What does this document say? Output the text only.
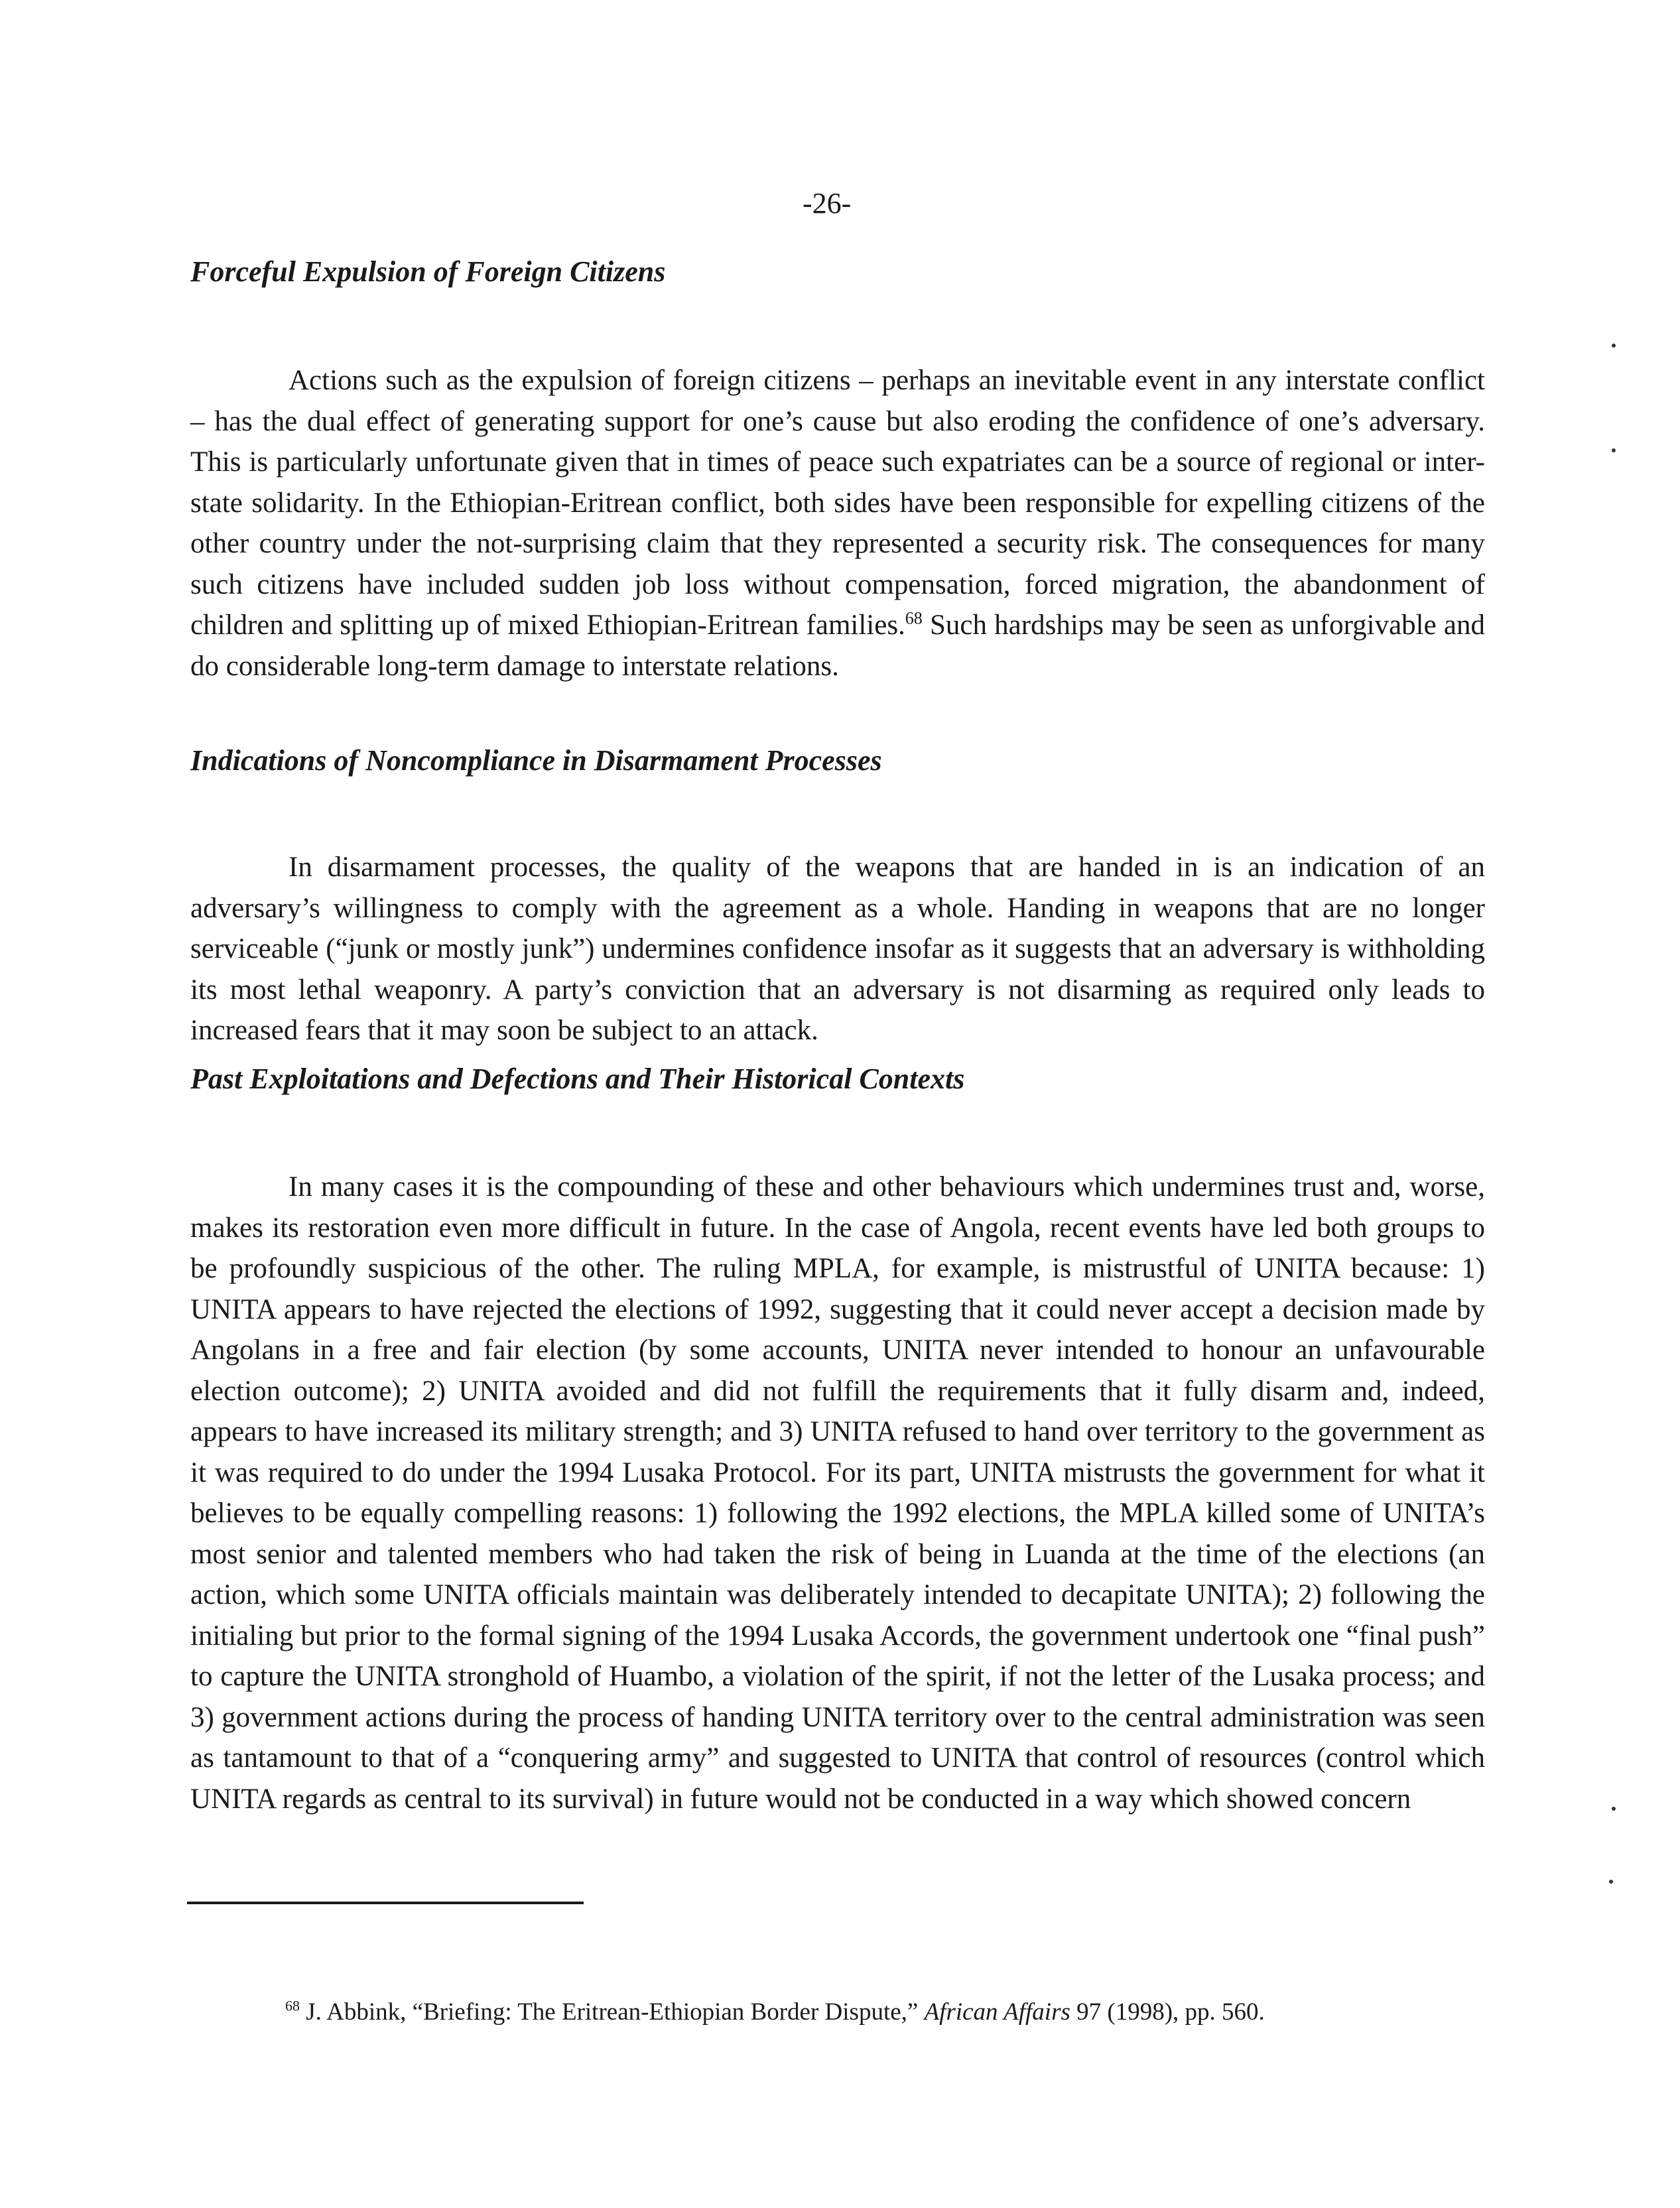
-26-
Forceful Expulsion of Foreign Citizens

Actions such as the expulsion of foreign citizens – perhaps an inevitable event in any interstate conflict – has the dual effect of generating support for one’s cause but also eroding the confidence of one’s adversary. This is particularly unfortunate given that in times of peace such expatriates can be a source of regional or inter-state solidarity. In the Ethiopian-Eritrean conflict, both sides have been responsible for expelling citizens of the other country under the not-surprising claim that they represented a security risk. The consequences for many such citizens have included sudden job loss without compensation, forced migration, the abandonment of children and splitting up of mixed Ethiopian-Eritrean families.$^{68}$ Such hardships may be seen as unforgivable and do considerable long-term damage to interstate relations.

Indications of Noncompliance in Disarmament Processes

In disarmament processes, the quality of the weapons that are handed in is an indication of an adversary’s willingness to comply with the agreement as a whole. Handing in weapons that are no longer serviceable (“junk or mostly junk”) undermines confidence insofar as it suggests that an adversary is withholding its most lethal weaponry. A party’s conviction that an adversary is not disarming as required only leads to increased fears that it may soon be subject to an attack.

Past Exploitations and Defections and Their Historical Contexts

In many cases it is the compounding of these and other behaviours which undermines trust and, worse, makes its restoration even more difficult in future. In the case of Angola, recent events have led both groups to be profoundly suspicious of the other. The ruling MPLA, for example, is mistrustful of UNITA because: 1) UNITA appears to have rejected the elections of 1992, suggesting that it could never accept a decision made by Angolans in a free and fair election (by some accounts, UNITA never intended to honour an unfavourable election outcome); 2) UNITA avoided and did not fulfill the requirements that it fully disarm and, indeed, appears to have increased its military strength; and 3) UNITA refused to hand over territory to the government as it was required to do under the 1994 Lusaka Protocol. For its part, UNITA mistrusts the government for what it believes to be equally compelling reasons: 1) following the 1992 elections, the MPLA killed some of UNITA’s most senior and talented members who had taken the risk of being in Luanda at the time of the elections (an action, which some UNITA officials maintain was deliberately intended to decapitate UNITA); 2) following the initialing but prior to the formal signing of the 1994 Lusaka Accords, the government undertook one “final push” to capture the UNITA stronghold of Huambo, a violation of the spirit, if not the letter of the Lusaka process; and 3) government actions during the process of handing UNITA territory over to the central administration was seen as tantamount to that of a “conquering army” and suggested to UNITA that control of resources (control which UNITA regards as central to its survival) in future would not be conducted in a way which showed concern

$^{68}$ J. Abbink, “Briefing: The Eritrean-Ethiopian Border Dispute,” African Affairs 97 (1998), pp. 560.
